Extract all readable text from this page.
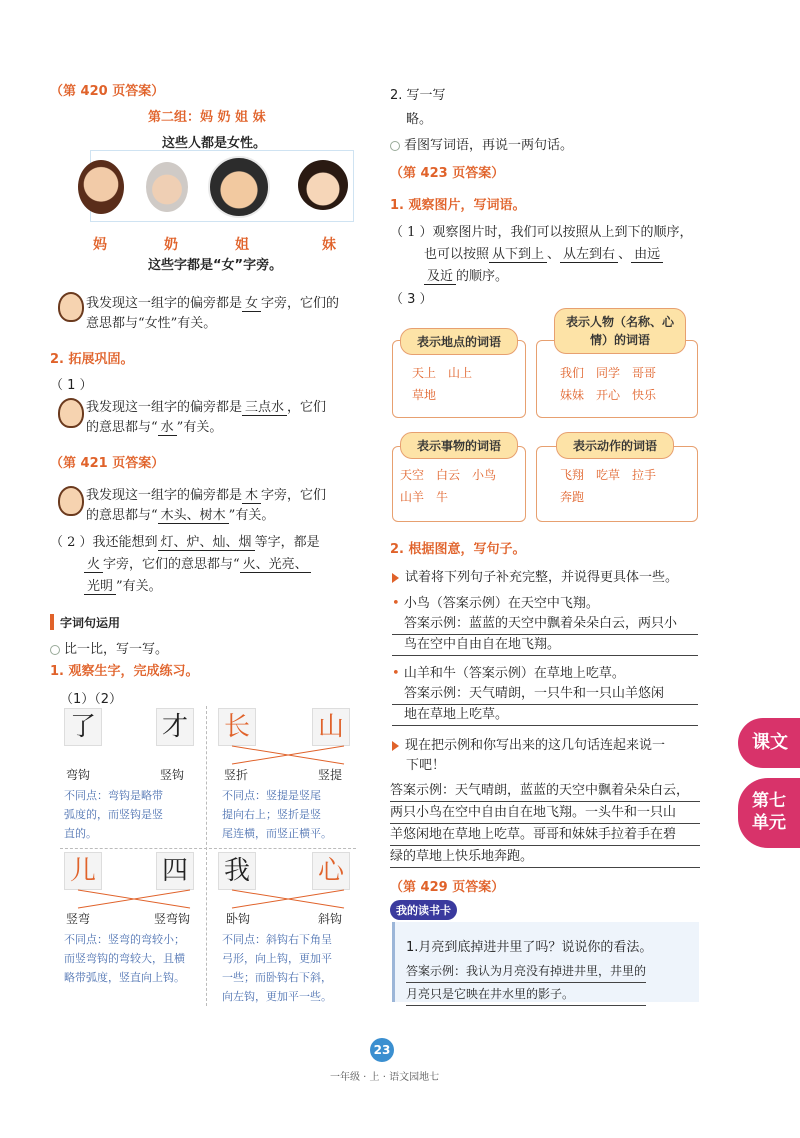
（第 420 页答案）
第二组：妈 奶 姐 妹
这些人都是女性。
妈	奶	姐	妹
这些字都是“女”字旁。
我发现这一组字的偏旁都是 女 字旁，它们的
意思都与“女性”有关。
2. 拓展巩固。
（ 1 ）
我发现这一组字的偏旁都是 三点水 ，它们
的意思都与“ 水 ”有关。
（第 421 页答案）
我发现这一组字的偏旁都是 木 字旁，它们
的意思都与“ 木头、树木 ”有关。
（ 2 ）我还能想到 灯、炉、灿、烟 等字，都是
火 字旁，它们的意思都与“ 火、光亮、
光明 ”有关。
字词句运用
比一比，写一写。
1. 观察生字，完成练习。
（1）（2）
了	才
弯钩	竖钩
不同点：弯钩是略带
弧度的，而竖钩是竖
直的。
长	山
竖折	竖提
不同点：竖提是竖尾
提向右上；竖折是竖
尾连横，而竖正横平。
儿	四
竖弯	竖弯钩
不同点：竖弯的弯较小；
而竖弯钩的弯较大，且横
略带弧度，竖直向上钩。
我	心
卧钩	斜钩
不同点：斜钩右下角呈
弓形，向上钩，更加平
一些；而卧钩右下斜，
向左钩，更加平一些。
2. 写一写
略。
看图写词语，再说一两句话。
（第 423 页答案）
1. 观察图片，写词语。
（ 1 ）观察图片时，我们可以按照从上到下的顺序，
也可以按照 从下到上 、 从左到右 、 由远
及近 的顺序。
（ 3 ）
表示地点的词语
天上　山上
草地
表示人物（名称、心情）的词语
我们　同学　哥哥
妹妹　开心　快乐
表示事物的词语
天空　白云　小鸟
山羊　牛
表示动作的词语
飞翔　吃草　拉手
奔跑
2. 根据图意，写句子。
试着将下列句子补充完整，并说得更具体一些。
• 小鸟（答案示例）在天空中飞翔。
答案示例：蓝蓝的天空中飘着朵朵白云，两只小
鸟在空中自由自在地飞翔。
• 山羊和牛（答案示例）在草地上吃草。
答案示例：天气晴朗，一只牛和一只山羊悠闲
地在草地上吃草。
现在把示例和你写出来的这几句话连起来说一
下吧！
答案示例：天气晴朗，蓝蓝的天空中飘着朵朵白云，
两只小鸟在空中自由自在地飞翔。一头牛和一只山
羊悠闲地在草地上吃草。哥哥和妹妹手拉着手在碧
绿的草地上快乐地奔跑。
（第 429 页答案）
我的读书卡
1.月亮到底掉进井里了吗？说说你的看法。
答案示例：我认为月亮没有掉进井里，井里的
月亮只是它映在井水里的影子。
课文
第七单元
23
一年级 · 上 · 语文园地七
